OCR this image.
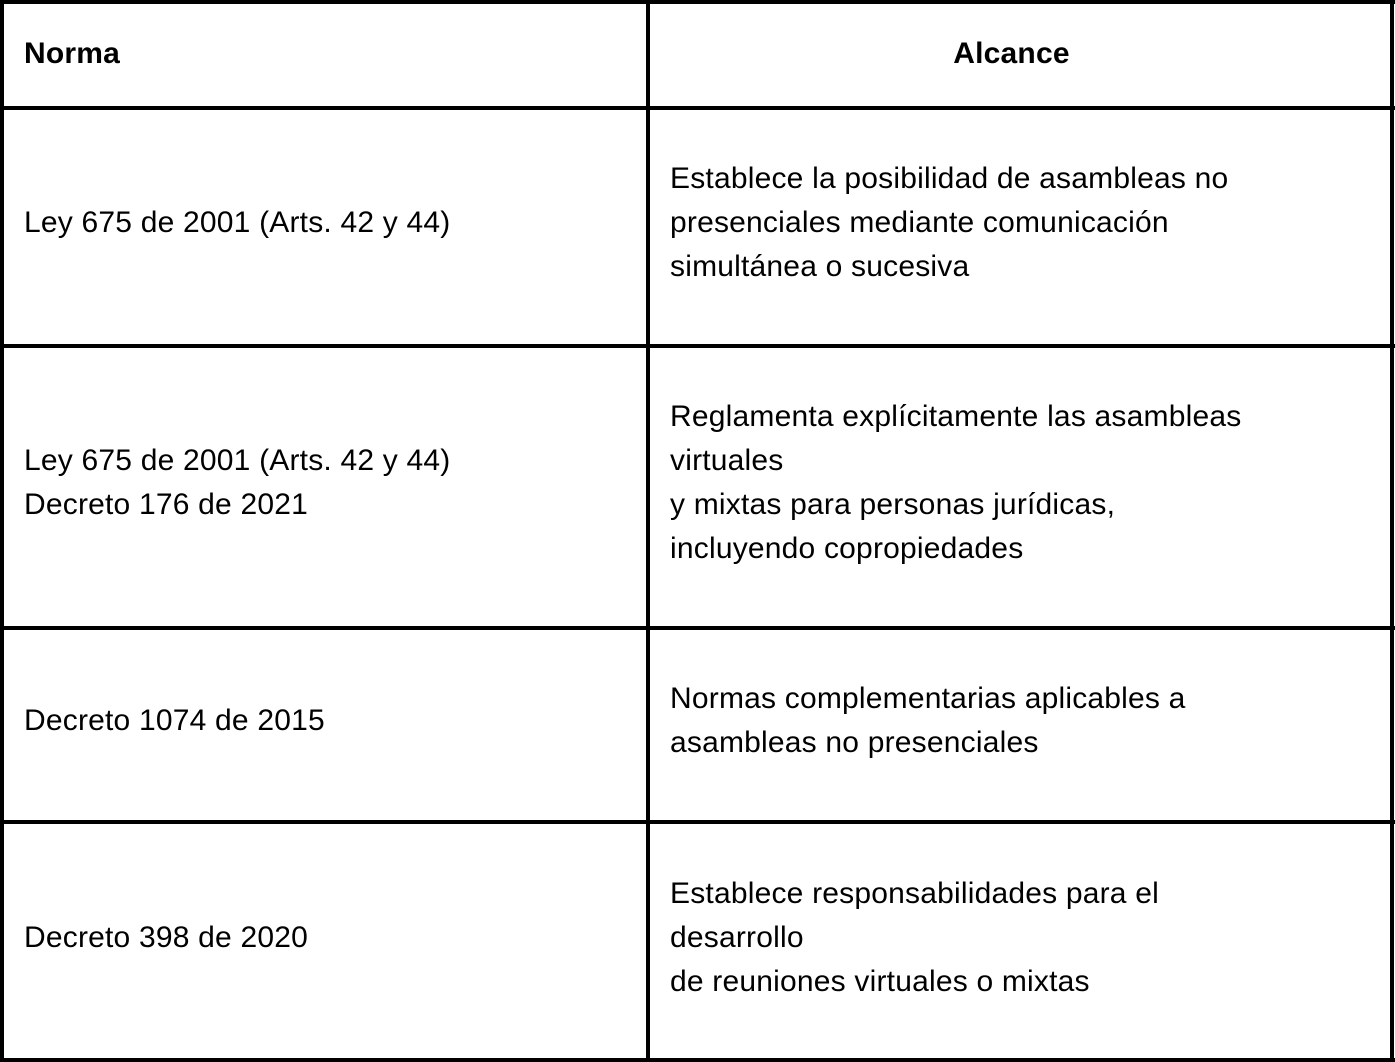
Norma	Alcance
Ley 675 de 2001 (Arts. 42 y 44)
Establece la posibilidad de asambleas no
presenciales mediante comunicación
simultánea o sucesiva
Ley 675 de 2001 (Arts. 42 y 44)
Decreto 176 de 2021
Reglamenta explícitamente las asambleas
virtuales
y mixtas para personas jurídicas,
incluyendo copropiedades
Decreto 1074 de 2015
Normas complementarias aplicables a
asambleas no presenciales
Decreto 398 de 2020
Establece responsabilidades para el
desarrollo
de reuniones virtuales o mixtas
